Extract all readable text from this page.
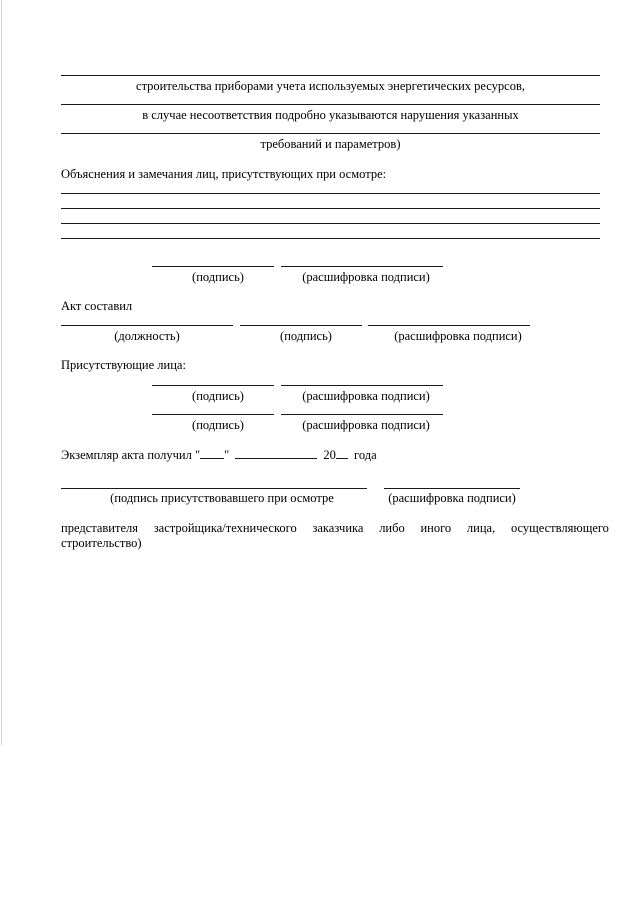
строительства приборами учета используемых энергетических ресурсов,
в случае несоответствия подробно указываются нарушения указанных
требований и параметров)
Объяснения и замечания лиц, присутствующих при осмотре:
(подпись)	(расшифровка подписи)
Акт составил
(должность)	(подпись)	(расшифровка подписи)
Присутствующие лица:
(подпись)	(расшифровка подписи)
(подпись)	(расшифровка подписи)
Экземпляр акта получил " "	20 года
(подпись присутствовавшего при осмотре	(расшифровка подписи)
представителя застройщика/технического заказчика либо иного лица, осуществляющего
строительство)
